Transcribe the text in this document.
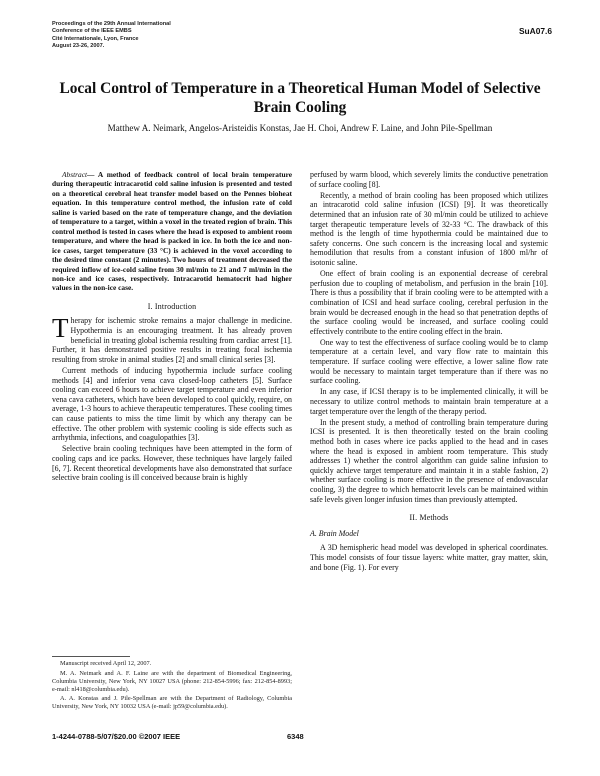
Proceedings of the 29th Annual International
Conference of the IEEE EMBS
Cité Internationale, Lyon, France
August 23-26, 2007.
SuA07.6
Local Control of Temperature in a Theoretical Human Model of Selective Brain Cooling
Matthew A. Neimark, Angelos-Aristeidis Konstas, Jae H. Choi, Andrew F. Laine, and John Pile-Spellman

Abstract— A method of feedback control of local brain temperature during therapeutic intracarotid cold saline infusion is presented and tested on a theoretical cerebral heat transfer model based on the Pennes bioheat equation. In this temperature control method, the infusion rate of cold saline is varied based on the rate of temperature change, and the deviation of temperature to a target, within a voxel in the treated region of brain. This control method is tested in cases where the head is exposed to ambient room temperature, and where the head is packed in ice. In both the ice and non-ice cases, target temperature (33 °C) is achieved in the voxel according to the desired time constant (2 minutes). Two hours of treatment decreased the required inflow of ice-cold saline from 30 ml/min to 21 and 7 ml/min in the non-ice and ice cases, respectively. Intracarotid hematocrit had higher values in the non-ice case.

I. Introduction

Therapy for ischemic stroke remains a major challenge in medicine. Hypothermia is an encouraging treatment. It has already proven beneficial in treating global ischemia resulting from cardiac arrest [1]. Further, it has demonstrated positive results in treating focal ischemia resulting from stroke in animal studies [2] and small clinical series [3].

Current methods of inducing hypothermia include surface cooling methods [4] and inferior vena cava closed-loop catheters [5]. Surface cooling can exceed 6 hours to achieve target temperature and even inferior vena cava catheters, which have been developed to cool quickly, require, on average, 1-3 hours to achieve therapeutic temperatures. These cooling times can cause patients to miss the time limit by which any therapy can be effective. The other problem with systemic cooling is side effects such as arrhythmia, infections, and coagulopathies [3].

Selective brain cooling techniques have been attempted in the form of cooling caps and ice packs. However, these techniques have largely failed [6, 7]. Recent theoretical developments have also demonstrated that surface selective brain cooling is ill conceived because brain is highly

perfused by warm blood, which severely limits the conductive penetration of surface cooling [8].

Recently, a method of brain cooling has been proposed which utilizes an intracarotid cold saline infusion (ICSI) [9]. It was theoretically determined that an infusion rate of 30 ml/min could be utilized to achieve target therapeutic temperature levels of 32-33 °C. The drawback of this method is the length of time hypothermia could be maintained due to safety concerns. One such concern is the increasing local and systemic hemodilution that results from a constant infusion of 1800 ml/hr of isotonic saline.

One effect of brain cooling is an exponential decrease of cerebral perfusion due to coupling of metabolism, and perfusion in the brain [10]. There is thus a possibility that if brain cooling were to be attempted with a combination of ICSI and head surface cooling, cerebral perfusion in the brain would be decreased enough in the head so that penetration depths of the surface cooling would be increased, and surface cooling could effectively contribute to the entire cooling effect in the brain.

One way to test the effectiveness of surface cooling would be to clamp temperature at a certain level, and vary flow rate to maintain this temperature. If surface cooling were effective, a lower saline flow rate would be necessary to maintain target temperature than if there was no surface cooling.

In any case, if ICSI therapy is to be implemented clinically, it will be necessary to utilize control methods to maintain brain temperature at a target temperature over the length of the therapy period.

In the present study, a method of controlling brain temperature during ICSI is presented. It is then theoretically tested on the brain cooling method both in cases where ice packs applied to the head and in cases where the head is exposed in ambient room temperature. This study addresses 1) whether the control algorithm can guide saline infusion to quickly achieve target temperature and maintain it in a stable fashion, 2) whether surface cooling is more effective in the presence of endovascular cooling, 3) the degree to which hematocrit levels can be maintained within safe levels given longer infusion times than previously attempted.

II. Methods
A. Brain Model

A 3D hemispheric head model was developed in spherical coordinates. This model consists of four tissue layers: white matter, gray matter, skin, and bone (Fig. 1). For every

Manuscript received April 12, 2007.

M. A. Neimark and A. F. Laine are with the department of Biomedical Engineering, Columbia University, New York, NY 10027 USA (phone: 212-854-5996; fax: 212-854-8993; e-mail: nl418@columbia.edu).

A. A. Konstas and J. Pile-Spellman are with the Department of Radiology, Columbia University, New York, NY 10032 USA (e-mail: jp59@columbia.edu).

1-4244-0788-5/07/$20.00 ©2007 IEEE	6348
